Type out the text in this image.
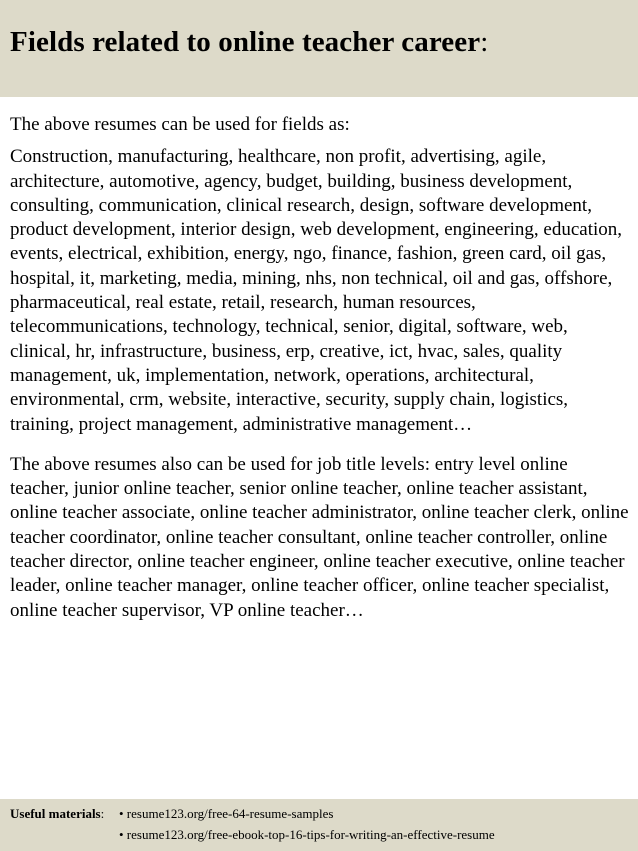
Fields related to online teacher career:

The above resumes can be used for fields as:

Construction, manufacturing, healthcare, non profit, advertising, agile, architecture, automotive, agency, budget, building, business development, consulting, communication, clinical research, design, software development, product development, interior design, web development, engineering, education, events, electrical, exhibition, energy, ngo, finance, fashion, green card, oil gas, hospital, it, marketing, media, mining, nhs, non technical, oil and gas, offshore, pharmaceutical, real estate, retail, research, human resources, telecommunications, technology, technical, senior, digital, software, web, clinical, hr, infrastructure, business, erp, creative, ict, hvac, sales, quality management, uk, implementation, network, operations, architectural, environmental, crm, website, interactive, security, supply chain, logistics, training, project management, administrative management…

The above resumes also can be used for job title levels: entry level online teacher, junior online teacher, senior online teacher, online teacher assistant, online teacher associate, online teacher administrator, online teacher clerk, online teacher coordinator, online teacher consultant, online teacher controller, online teacher director, online teacher engineer, online teacher executive, online teacher leader, online teacher manager, online teacher officer, online teacher specialist, online teacher supervisor, VP online teacher…

Useful materials: • resume123.org/free-64-resume-samples
• resume123.org/free-ebook-top-16-tips-for-writing-an-effective-resume
